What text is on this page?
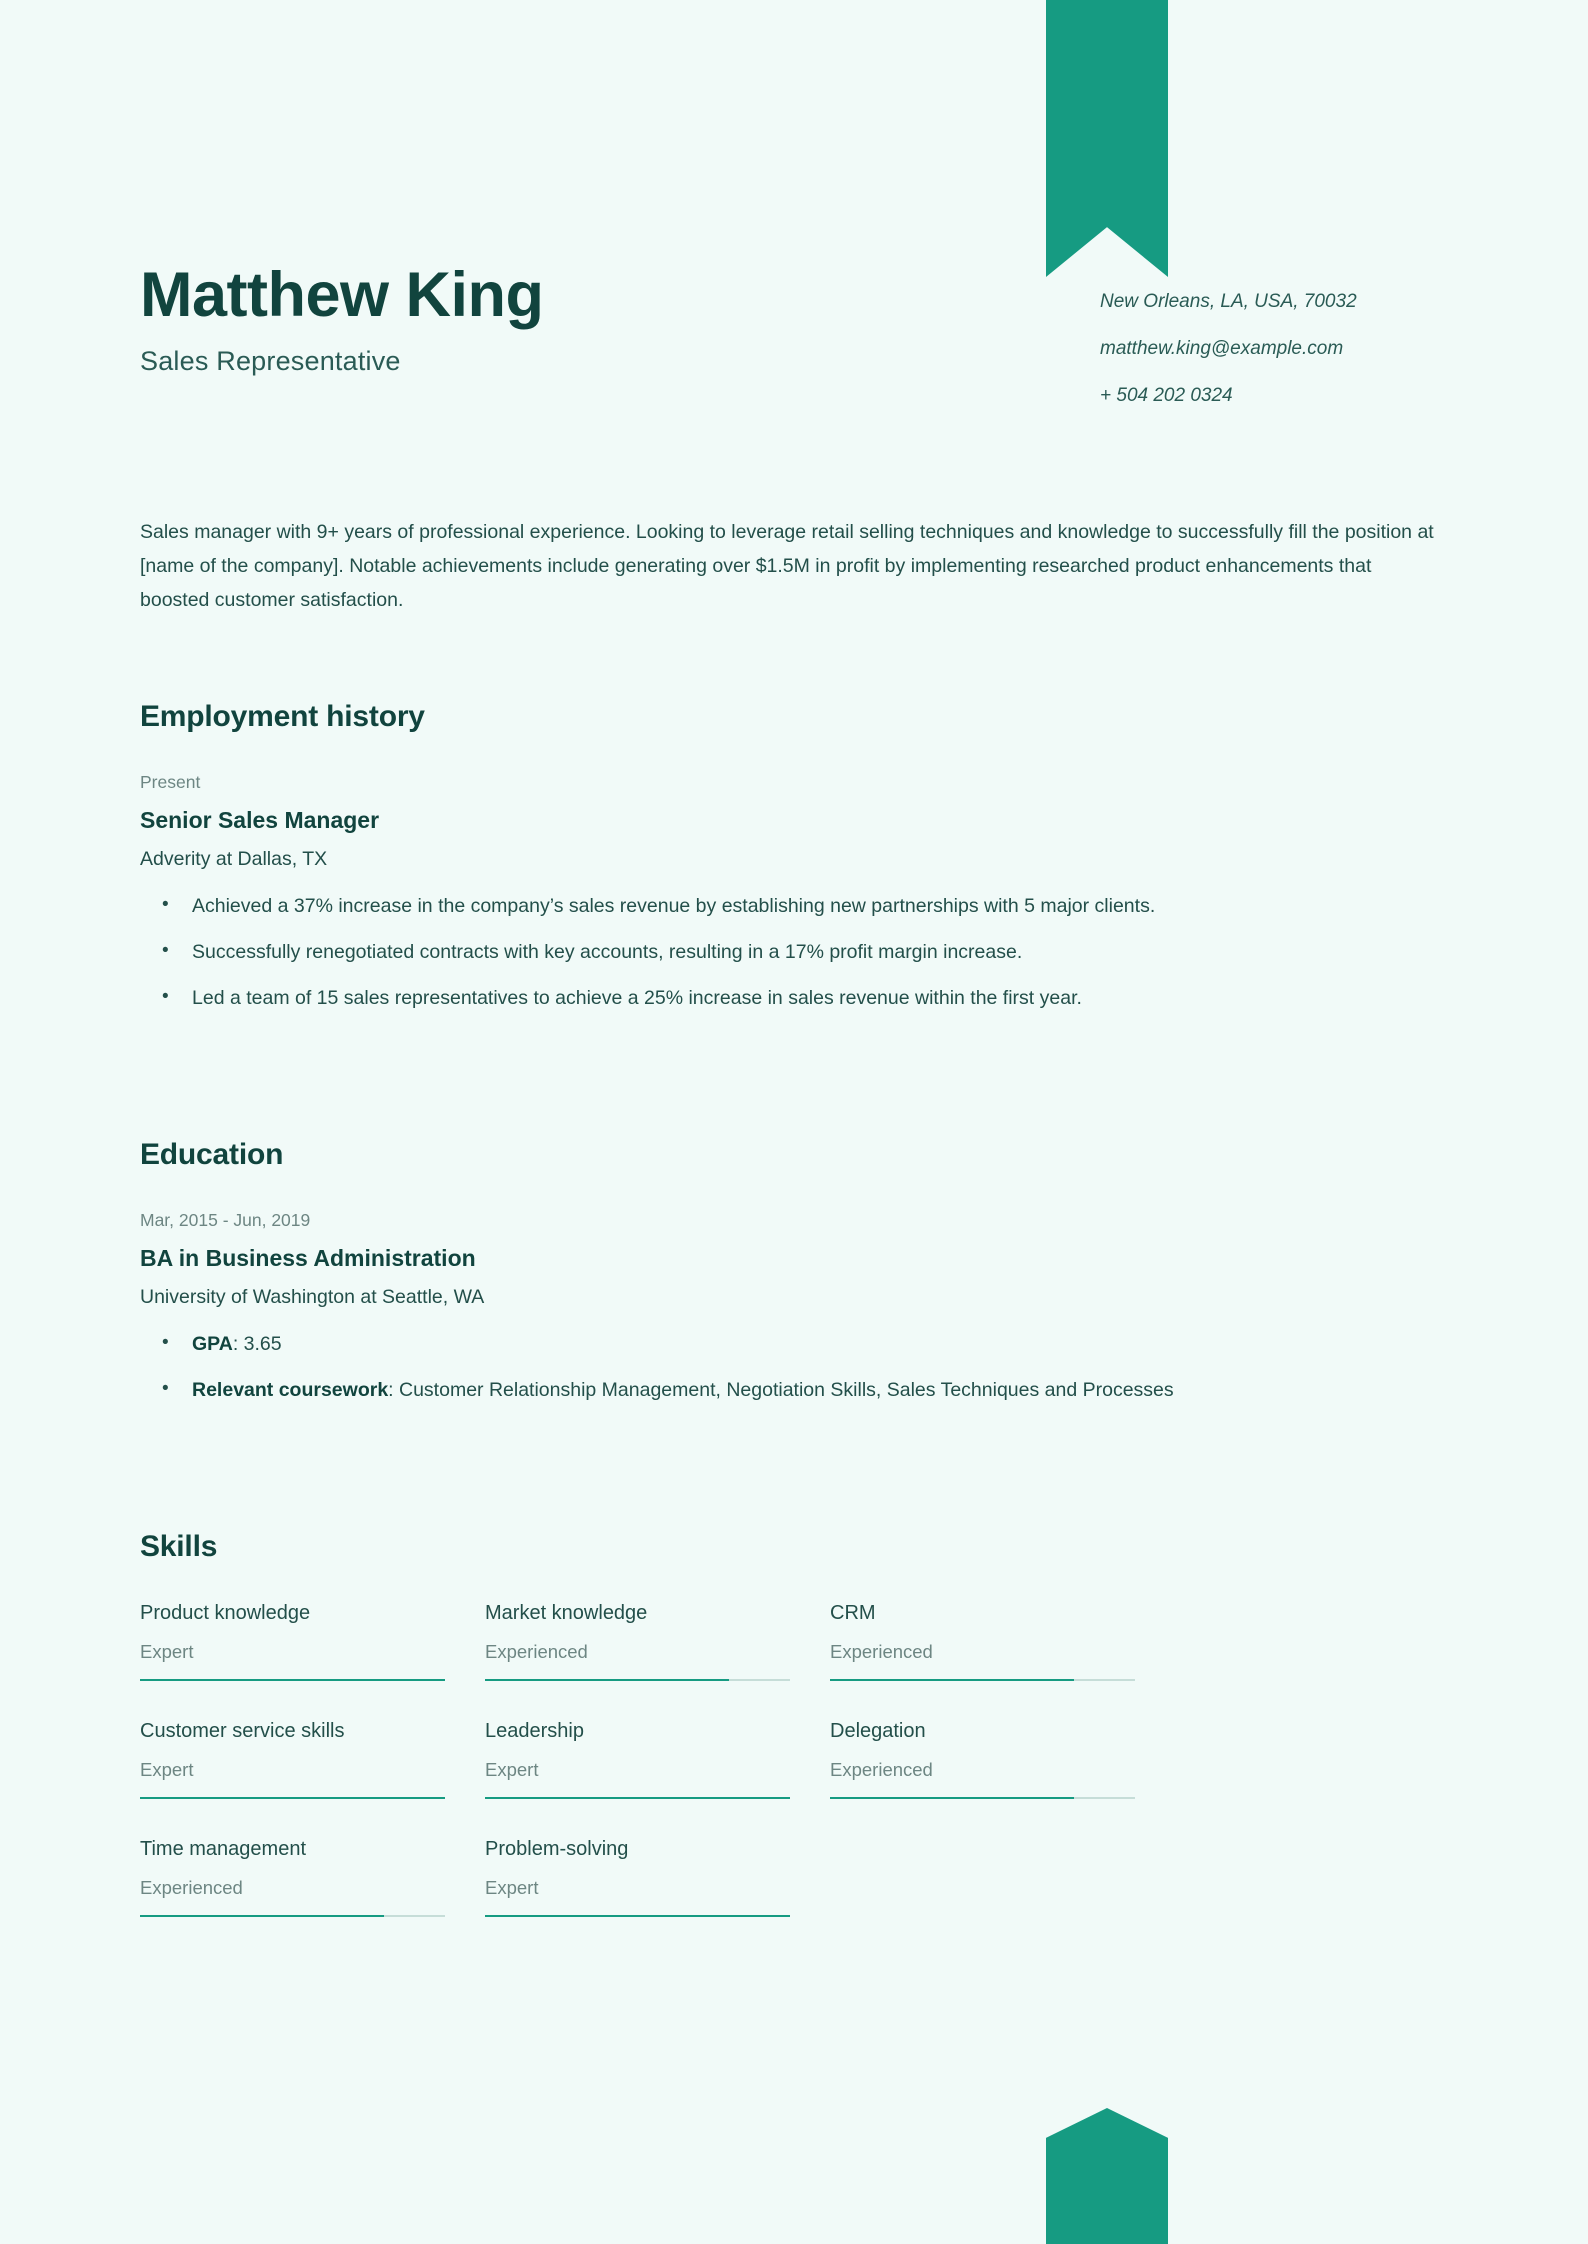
Matthew King

Sales Representative

New Orleans, LA, USA, 70032

matthew.king@example.com

+ 504 202 0324

Sales manager with 9+ years of professional experience. Looking to leverage retail selling techniques and knowledge to successfully fill the position at [name of the company]. Notable achievements include generating over $1.5M in profit by implementing researched product enhancements that boosted customer satisfaction.
Employment history

Present

Senior Sales Manager

Adverity at Dallas, TX

• Achieved a 37% increase in the company’s sales revenue by establishing new partnerships with 5 major clients.
• Successfully renegotiated contracts with key accounts, resulting in a 17% profit margin increase.
• Led a team of 15 sales representatives to achieve a 25% increase in sales revenue within the first year.
Education

Mar, 2015 - Jun, 2019

BA in Business Administration

University of Washington at Seattle, WA

• GPA: 3.65
• Relevant coursework: Customer Relationship Management, Negotiation Skills, Sales Techniques and Processes
Skills

Product knowledge

Expert

Market knowledge

Experienced

CRM

Experienced

Customer service skills

Expert

Leadership

Expert

Delegation

Experienced

Time management

Experienced

Problem-solving

Expert
